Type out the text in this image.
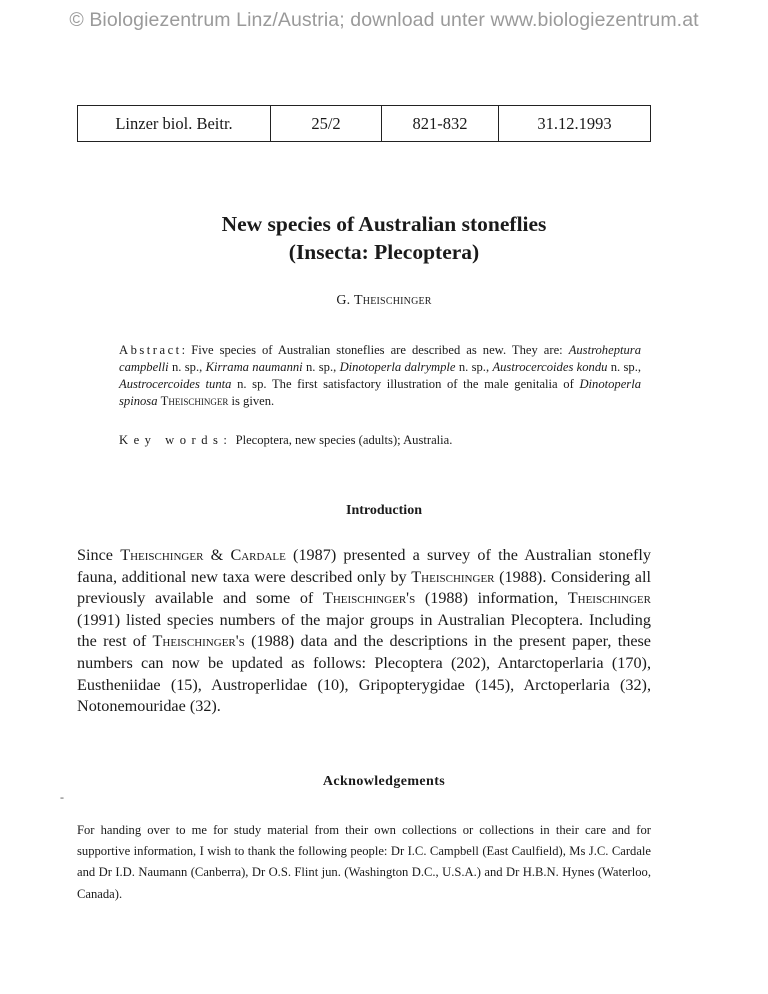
© Biologiezentrum Linz/Austria; download unter www.biologiezentrum.at
Linzer biol. Beitr.	25/2	821-832	31.12.1993
New species of Australian stoneflies
(Insecta: Plecoptera)
G. Theischinger
Abstract: Five species of Australian stoneflies are described as new. They are: Austroheptura campbelli n. sp., Kirrama naumanni n. sp., Dinotoperla dalrymple n. sp., Austrocercoides kondu n. sp., Austrocercoides tunta n. sp. The first satisfactory illustration of the male genitalia of Dinotoperla spinosa Theischinger is given.
Key words: Plecoptera, new species (adults); Australia.
Introduction
Since Theischinger & Cardale (1987) presented a survey of the Australian stonefly fauna, additional new taxa were described only by Theischinger (1988). Considering all previously available and some of Theischinger's (1988) information, Theischinger (1991) listed species numbers of the major groups in Australian Plecoptera. Including the rest of Theischinger's (1988) data and the descriptions in the present paper, these numbers can now be updated as follows: Plecoptera (202), Antarctoperlaria (170), Eustheniidae (15), Austroperlidae (10), Gripopterygidae (145), Arctoperlaria (32), Notonemouridae (32).
-
Acknowledgements
For handing over to me for study material from their own collections or collections in their care and for supportive information, I wish to thank the following people: Dr I.C. Campbell (East Caulfield), Ms J.C. Cardale and Dr I.D. Naumann (Canberra), Dr O.S. Flint jun. (Washington D.C., U.S.A.) and Dr H.B.N. Hynes (Waterloo, Canada).
